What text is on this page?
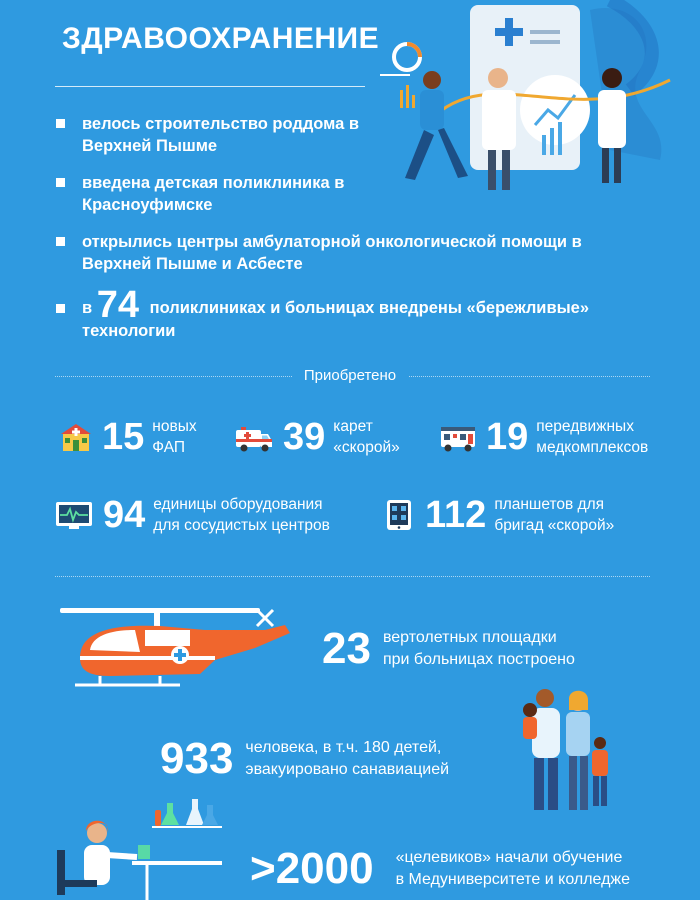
ЗДРАВООХРАНЕНИЕ
велось строительство роддома в Верхней Пышме
введена детская поликлиника в Красноуфимске
открылись центры амбулаторной онкологической помощи в Верхней Пышме и Асбесте
в 74 поликлиниках и больницах внедрены «бережливые» технологии
Приобретено
15 новых
ФАП	39 карет
«скорой» 19 передвижных
медкомплексов
94 единицы оборудования
для сосудистых центров	112 планшетов для
бригад «скорой»
23 вертолетных площадки
при больницах построено
933 человека, в т.ч. 180 детей,
эвакуировано санавиацией
>2000 «целевиков» начали обучение
в Медуниверситете и колледже
